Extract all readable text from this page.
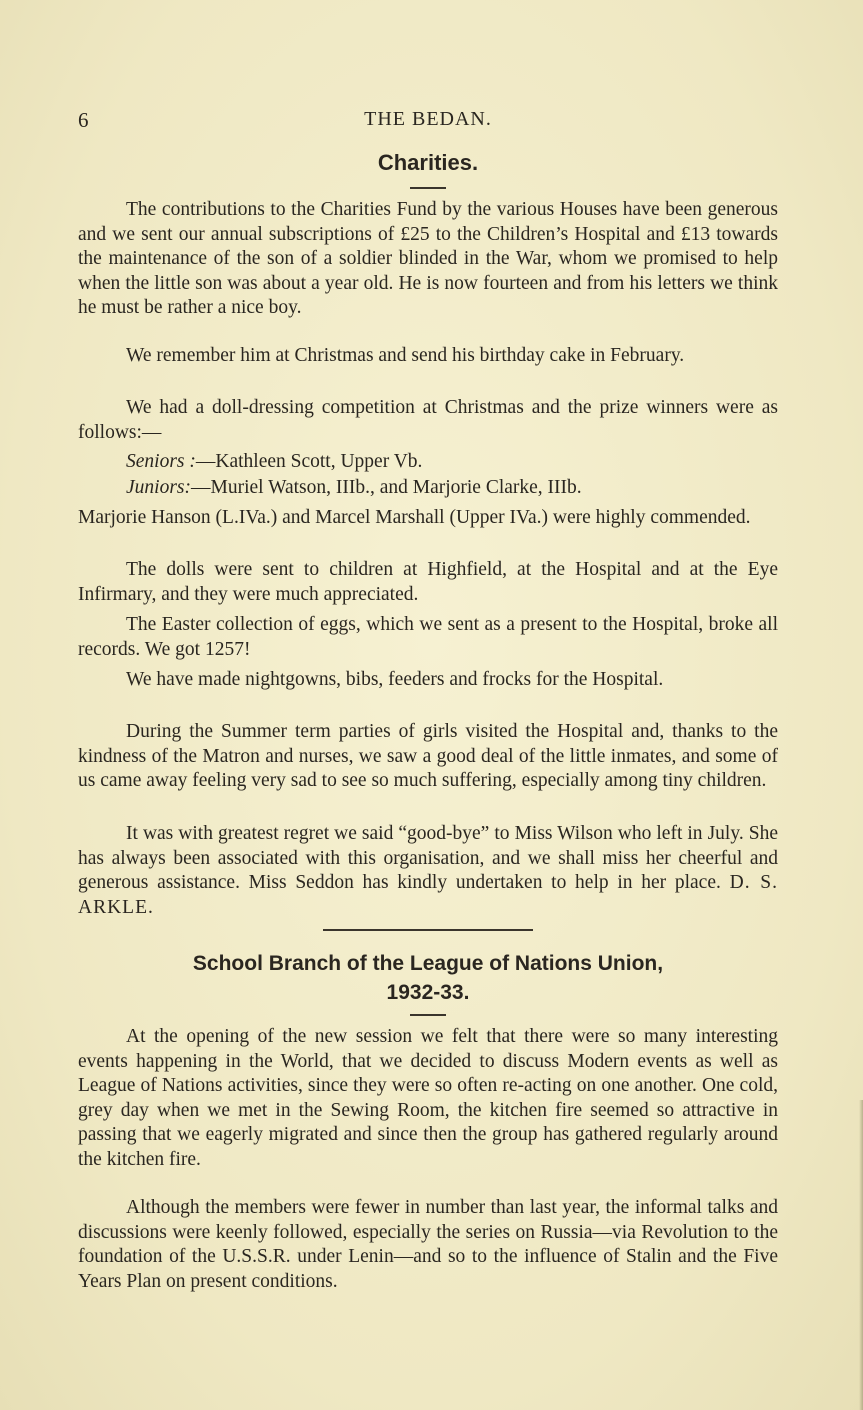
6	THE BEDAN.
Charities.

The contributions to the Charities Fund by the various Houses have been generous and we sent our annual subscriptions of £25 to the Children’s Hospital and £13 towards the maintenance of the son of a soldier blinded in the War, whom we promised to help when the little son was about a year old. He is now fourteen and from his letters we think he must be rather a nice boy.

We remember him at Christmas and send his birthday cake in February.

We had a doll-dressing competition at Christmas and the prize winners were as follows:—

Seniors :—Kathleen Scott, Upper Vb.

Juniors:—Muriel Watson, IIIb., and Marjorie Clarke, IIIb.

Marjorie Hanson (L.IVa.) and Marcel Marshall (Upper IVa.) were highly commended.

The dolls were sent to children at Highfield, at the Hospital and at the Eye Infirmary, and they were much appreciated.

The Easter collection of eggs, which we sent as a present to the Hospital, broke all records. We got 1257!

We have made nightgowns, bibs, feeders and frocks for the Hospital.

During the Summer term parties of girls visited the Hospital and, thanks to the kindness of the Matron and nurses, we saw a good deal of the little inmates, and some of us came away feeling very sad to see so much suffering, especially among tiny children.

It was with greatest regret we said “good-bye” to Miss Wilson who left in July. She has always been associated with this organisation, and we shall miss her cheerful and generous assistance. Miss Seddon has kindly undertaken to help in her place. D. S. ARKLE.

School Branch of the League of Nations Union,
1932-33.

At the opening of the new session we felt that there were so many interesting events happening in the World, that we decided to discuss Modern events as well as League of Nations activities, since they were so often re-acting on one another. One cold, grey day when we met in the Sewing Room, the kitchen fire seemed so attractive in passing that we eagerly migrated and since then the group has gathered regularly around the kitchen fire.

Although the members were fewer in number than last year, the informal talks and discussions were keenly followed, especially the series on Russia—via Revolution to the foundation of the U.S.S.R. under Lenin—and so to the influence of Stalin and the Five Years Plan on present conditions.
